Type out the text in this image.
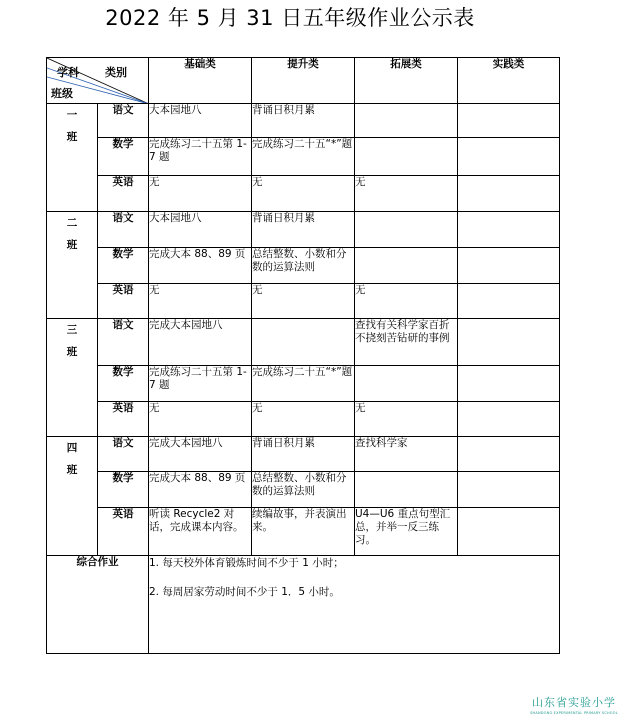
2022 年 5 月 31 日五年级作业公示表
学科 类别
班级		基础类	提升类	拓展类	实践类

一
班	语文	大本园地八	背诵日积月累		
	数学	完成练习二十五第 1-7 题	完成练习二十五“*”题		
	英语	无	无	无	

二
班	语文	大本园地八	背诵日积月累		
	数学	完成大本 88、89 页	总结整数、小数和分数的运算法则		
	英语	无	无	无	

三
班	语文	完成大本园地八		查找有关科学家百折不挠刻苦钻研的事例	
	数学	完成练习二十五第 1-7 题	完成练习二十五“*”题		
	英语	无	无	无	

四
班	语文	完成大本园地八	背诵日积月累	查找科学家	
	数学	完成大本 88、89 页	总结整数、小数和分数的运算法则		
	英语	听读 Recycle2 对话，完成课本内容。	续编故事，并表演出来。	U4—U6 重点句型汇总，并举一反三练习。	
综合作业		1. 每天校外体育锻炼时间不少于 1 小时；

2. 每周居家劳动时间不少于 1．5 小时。			

山东省实验小学
SHANDONG EXPERIMENTAL PRIMARY SCHOOL
